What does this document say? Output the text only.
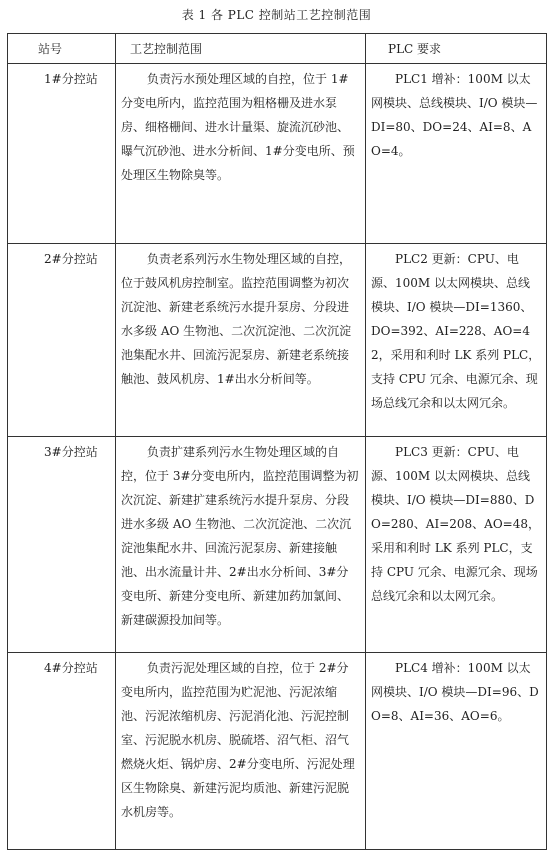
表 1 各 PLC 控制站工艺控制范围
站号	工艺控制范围	PLC 要求
1#分控站	负责污水预处理区域的自控，位于 1#分变电所内，监控范围为粗格栅及进水泵房、细格栅间、进水计量渠、旋流沉砂池、曝气沉砂池、进水分析间、1#分变电所、预处理区生物除臭等。	PLC1 增补：100M 以太网模块、总线模块、I/O 模块—DI=80、DO=24、AI=8、AO=4。
2#分控站	负责老系列污水生物处理区域的自控，位于鼓风机房控制室。监控范围调整为初次沉淀池、新建老系统污水提升泵房、分段进水多级 AO 生物池、二次沉淀池、二次沉淀池集配水井、回流污泥泵房、新建老系统接触池、鼓风机房、1#出水分析间等。	PLC2 更新：CPU、电源、100M 以太网模块、总线模块、I/O 模块—DI=1360、DO=392、AI=228、AO=42，采用和利时 LK 系列 PLC，支持 CPU 冗余、电源冗余、现场总线冗余和以太网冗余。
3#分控站	负责扩建系列污水生物处理区域的自控，位于 3#分变电所内，监控范围调整为初次沉淀、新建扩建系统污水提升泵房、分段进水多级 AO 生物池、二次沉淀池、二次沉淀池集配水井、回流污泥泵房、新建接触池、出水流量计井、2#出水分析间、3#分变电所、新建分变电所、新建加药加氯间、新建碳源投加间等。	PLC3 更新：CPU、电源、100M 以太网模块、总线模块、I/O 模块—DI=880、DO=280、AI=208、AO=48，采用和利时 LK 系列 PLC，支持 CPU 冗余、电源冗余、现场总线冗余和以太网冗余。
4#分控站	负责污泥处理区域的自控，位于 2#分变电所内，监控范围为贮泥池、污泥浓缩池、污泥浓缩机房、污泥消化池、污泥控制室、污泥脱水机房、脱硫塔、沼气柜、沼气燃烧火炬、锅炉房、2#分变电所、污泥处理区生物除臭、新建污泥均质池、新建污泥脱水机房等。	PLC4 增补：100M 以太网模块、I/O 模块—DI=96、DO=8、AI=36、AO=6。
